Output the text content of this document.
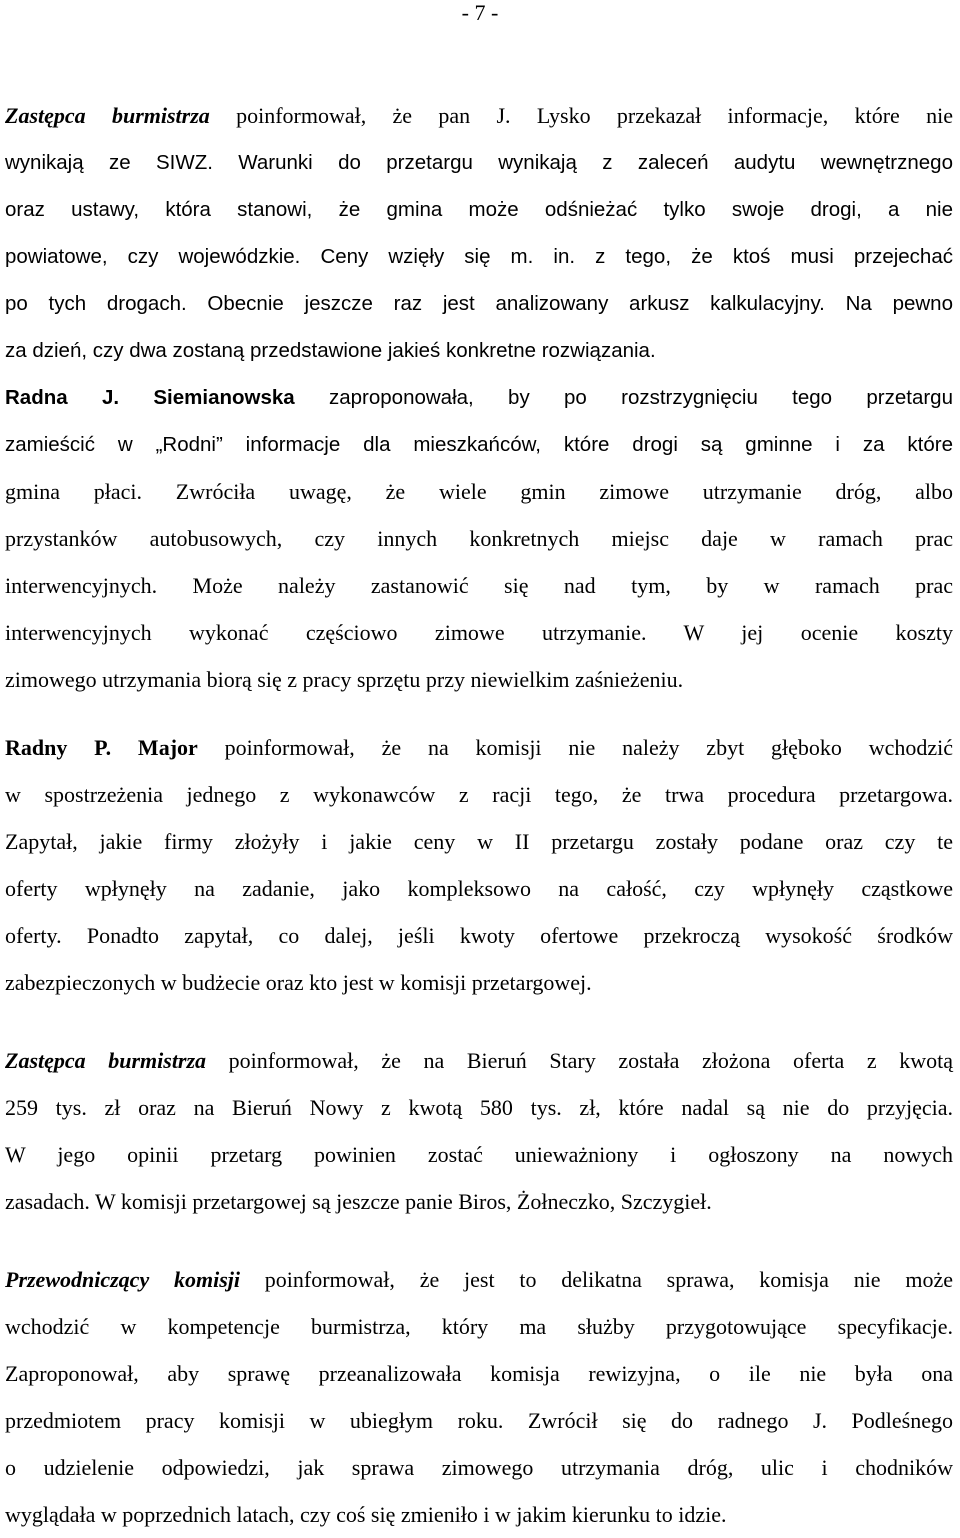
- 7 -
Zastępca burmistrza poinformował, że pan J. Lysko przekazał informacje, które nie
wynikają ze SIWZ. Warunki do przetargu wynikają z zaleceń audytu wewnętrznego
oraz ustawy, która stanowi, że gmina może odśnieżać tylko swoje drogi, a nie
powiatowe, czy wojewódzkie. Ceny wzięły się m. in. z tego, że ktoś musi przejechać
po tych drogach. Obecnie jeszcze raz jest analizowany arkusz kalkulacyjny. Na pewno
za dzień, czy dwa zostaną przedstawione jakieś konkretne rozwiązania.
Radna J. Siemianowska zaproponowała, by po rozstrzygnięciu tego przetargu
zamieścić w „Rodni” informacje dla mieszkańców, które drogi są gminne i za które
gmina płaci. Zwróciła uwagę, że wiele gmin zimowe utrzymanie dróg, albo
przystanków autobusowych, czy innych konkretnych miejsc daje w ramach prac
interwencyjnych. Może należy zastanowić się nad tym, by w ramach prac
interwencyjnych wykonać częściowo zimowe utrzymanie. W jej ocenie koszty
zimowego utrzymania biorą się z pracy sprzętu przy niewielkim zaśnieżeniu.
Radny P. Major poinformował, że na komisji nie należy zbyt głęboko wchodzić
w spostrzeżenia jednego z wykonawców z racji tego, że trwa procedura przetargowa.
Zapytał, jakie firmy złożyły i jakie ceny w II przetargu zostały podane oraz czy te
oferty wpłynęły na zadanie, jako kompleksowo na całość, czy wpłynęły cząstkowe
oferty. Ponadto zapytał, co dalej, jeśli kwoty ofertowe przekroczą wysokość środków
zabezpieczonych w budżecie oraz kto jest w komisji przetargowej.
Zastępca burmistrza poinformował, że na Bieruń Stary została złożona oferta z kwotą
259 tys. zł oraz na Bieruń Nowy z kwotą 580 tys. zł, które nadal są nie do przyjęcia.
W jego opinii przetarg powinien zostać unieważniony i ogłoszony na nowych
zasadach. W komisji przetargowej są jeszcze panie Biros, Żołneczko, Szczygieł.
Przewodniczący komisji poinformował, że jest to delikatna sprawa, komisja nie może
wchodzić w kompetencje burmistrza, który ma służby przygotowujące specyfikacje.
Zaproponował, aby sprawę przeanalizowała komisja rewizyjna, o ile nie była ona
przedmiotem pracy komisji w ubiegłym roku. Zwrócił się do radnego J. Podleśnego
o udzielenie odpowiedzi, jak sprawa zimowego utrzymania dróg, ulic i chodników
wyglądała w poprzednich latach, czy coś się zmieniło i w jakim kierunku to idzie.
